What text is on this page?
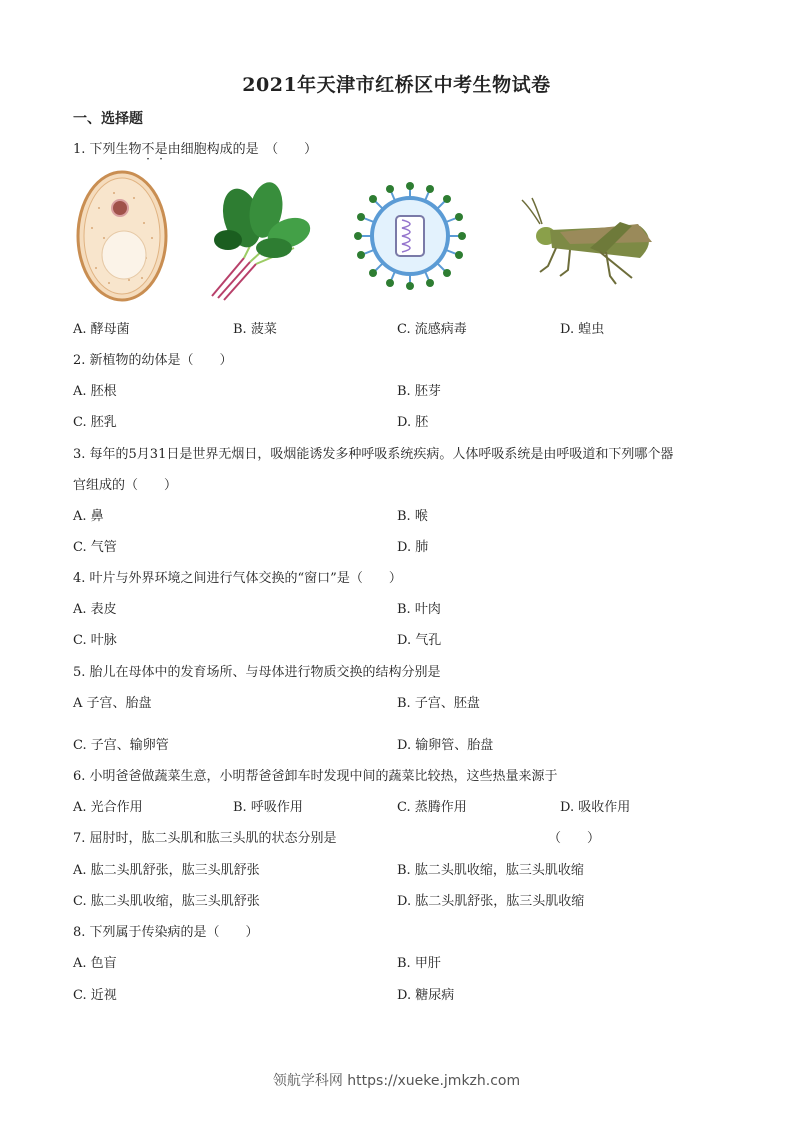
2021年天津市红桥区中考生物试卷
一、选择题
1. 下列生物不是由细胞构成的是　（　　）
A. 酵母菌	B. 菠菜	C. 流感病毒	D. 蝗虫
2. 新植物的幼体是（　　）
A. 胚根	B. 胚芽
C. 胚乳	D. 胚
3. 每年的5月31日是世界无烟日，吸烟能诱发多种呼吸系统疾病。人体呼吸系统是由呼吸道和下列哪个器
官组成的（　　）
A. 鼻	B. 喉
C. 气管	D. 肺
4. 叶片与外界环境之间进行气体交换的“窗口”是（　　）
A. 表皮	B. 叶肉
C. 叶脉	D. 气孔
5. 胎儿在母体中的发育场所、与母体进行物质交换的结构分别是
A 子宫、胎盘	B. 子宫、胚盘
C. 子宫、输卵管	D. 输卵管、胎盘
6. 小明爸爸做蔬菜生意，小明帮爸爸卸车时发现中间的蔬菜比较热，这些热量来源于
A. 光合作用	B. 呼吸作用	C. 蒸腾作用	D. 吸收作用
7. 屈肘时，肱二头肌和肱三头肌的状态分别是	（　　）
A. 肱二头肌舒张，肱三头肌舒张	B. 肱二头肌收缩，肱三头肌收缩
C. 肱二头肌收缩，肱三头肌舒张	D. 肱二头肌舒张，肱三头肌收缩
8. 下列属于传染病的是（　　）
A. 色盲	B. 甲肝
C. 近视	D. 糖尿病
领航学科网 https://xueke.jmkzh.com
